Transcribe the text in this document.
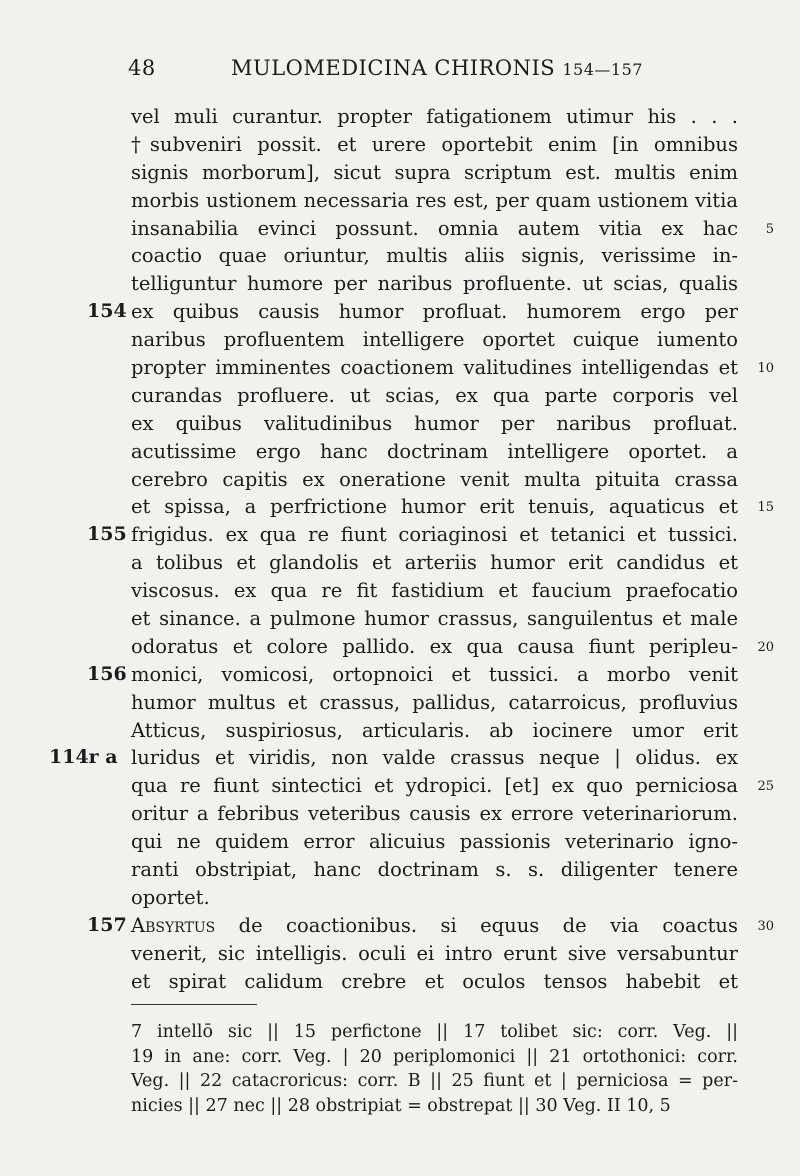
48	MULOMEDICINA CHIRONIS 154—157
vel muli curantur. propter fatigationem utimur his . . .
†subveniri possit. et urere oportebit enim [in omnibus
signis morborum], sicut supra scriptum est. multis enim
morbis ustionem necessaria res est, per quam ustionem vitia
insanabilia evinci possunt. omnia autem vitia ex hac 5
coactio quae oriuntur, multis aliis signis, verissime in-
telliguntur humore per naribus profluente. ut scias, qualis
154 ex quibus causis humor profluat. humorem ergo per
naribus profluentem intelligere oportet cuique iumento
propter imminentes coactionem valitudines intelligendas et 10
curandas profluere. ut scias, ex qua parte corporis vel
ex quibus valitudinibus humor per naribus profluat.
acutissime ergo hanc doctrinam intelligere oportet. a
cerebro capitis ex oneratione venit multa pituita crassa
et spissa, a perfrictione humor erit tenuis, aquaticus et 15
155 frigidus. ex qua re fiunt coriaginosi et tetanici et tussici.
a tolibus et glandolis et arteriis humor erit candidus et
viscosus. ex qua re fit fastidium et faucium praefocatio
et sinance. a pulmone humor crassus, sanguilentus et male
odoratus et colore pallido. ex qua causa fiunt peripleu- 20
156 monici, vomicosi, ortopnoici et tussici. a morbo venit
humor multus et crassus, pallidus, catarroicus, profluvius
Atticus, suspiriosus, articularis. ab iocinere umor erit
114r a luridus et viridis, non valde crassus neque | olidus. ex
qua re fiunt sintectici et ydropici. [et] ex quo perniciosa 25
oritur a febribus veteribus causis ex errore veterinariorum.
qui ne quidem error alicuius passionis veterinario igno-
ranti obstripiat, hanc doctrinam s. s. diligenter tenere
oportet.
157 Absyrtus de coactionibus. si equus de via coactus 30
venerit, sic intelligis. oculi ei intro erunt sive versabuntur
et spirat calidum crebre et oculos tensos habebit et
7 intellō sic || 15 perfictone || 17 tolibet sic: corr. Veg. ||
19 in ane: corr. Veg. | 20 periplomonici || 21 ortothonici: corr.
Veg. || 22 catacroricus: corr. B || 25 fiunt et | perniciosa = per-
nicies || 27 nec || 28 obstripiat = obstrepat || 30 Veg. II 10, 5
